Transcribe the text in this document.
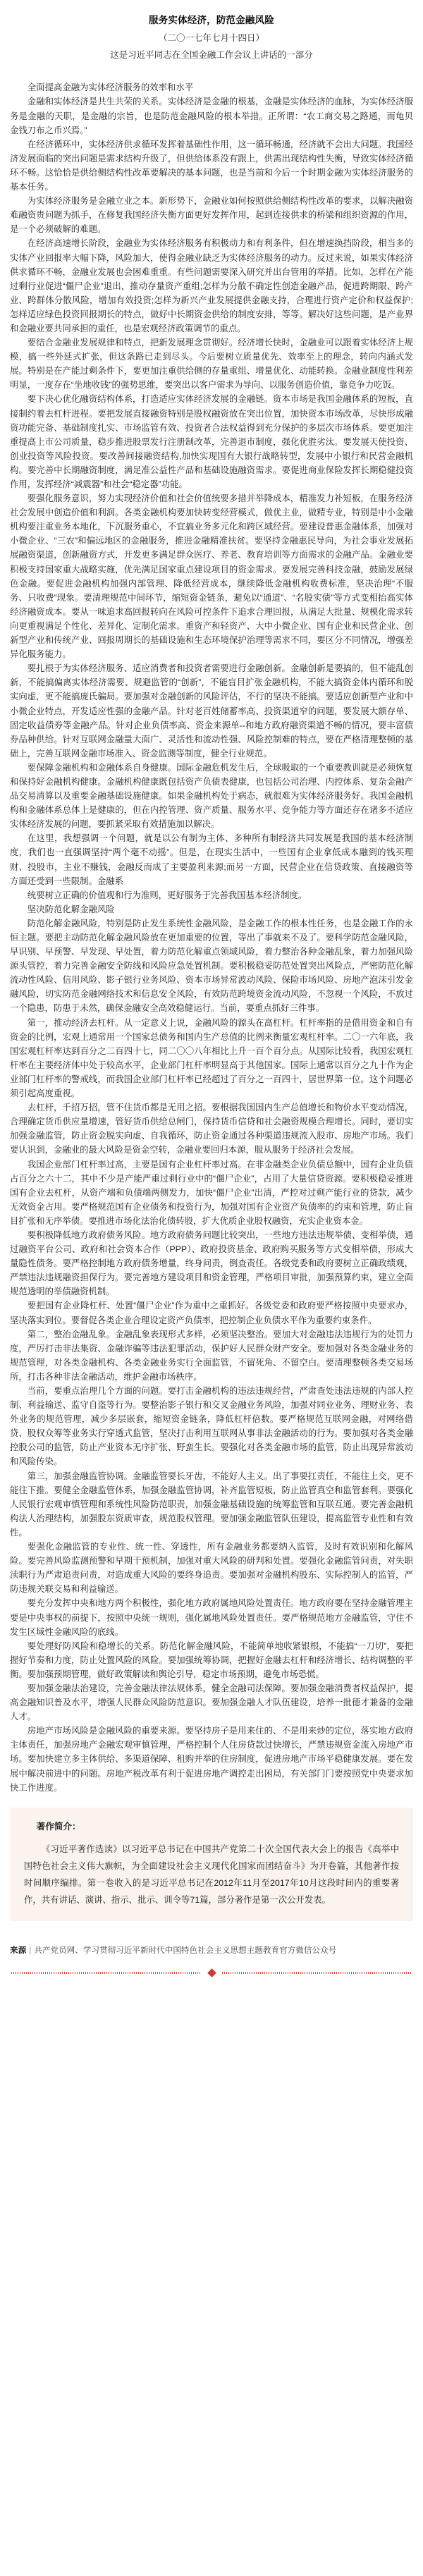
服务实体经济，防范金融风险
（二〇一七年七月十四日）
这是习近平同志在全国金融工作会议上讲话的一部分

全面提高金融为实体经济服务的效率和水平

金融和实体经济是共生共荣的关系。实体经济是金融的根基，金融是实体经济的血脉，为实体经济服务是金融的天职，是金融的宗旨，也是防范金融风险的根本举措。正所谓：“农工商交易之路通，而龟贝金钱刀布之币兴焉。”

在经济循环中，实体经济供求循环发挥着基础性作用，这一循环畅通，经济就不会出大问题。我国经济发展面临的突出问题是需求结构升级了，但供给体系没有跟上，供需出现结构性失衡，导致实体经济循环不畅。这恰恰是供给侧结构性改革要解决的基本问题，也是当前和今后一个时期金融为实体经济服务的基本任务。

为实体经济服务是金融立业之本。新形势下，金融业如何按照供给侧结构性改革的要求，以解决融资难融资贵问题为抓手，在修复我国经济失衡方面更好发挥作用，起到连接供求的桥梁和组织资源的作用，是一个必须破解的难题。

在经济高速增长阶段，金融业为实体经济服务有积极动力和有利条件，但在增速换挡阶段，相当多的实体产业回报率大幅下降，风险加大，使得金融业缺乏为实体经济服务的动力。反过来说，如果实体经济供求循环不畅，金融业发展也会困难重重。有些问题需要深入研究并出台管用的举措。比如，怎样在产能过剩行业促进“僵尸企业”退出，推动存量资产重组;怎样为分散不确定性创造金融产品，促进跨期限、跨产业、跨群体分散风险，增加有效投资;怎样为新兴产业发展提供金融支持，合理进行资产定价和权益保护;怎样适应绿色投资回报期长的特点，做好中长期资金供给的制度安排，等等。解决好这些问题，是产业界和金融业要共同承担的重任，也是宏观经济政策调节的重点。

要结合金融业发展规律和特点，把新发展理念贯彻好。经济增长快时，金融业可以跟着实体经济上规模，搞一些外延式扩张，但这条路已走到尽头。今后要树立质量优先、效率至上的理念，转向内涵式发展。特别是在产能过剩条件下，要更加注重供给侧的存量重组、增量优化、动能转换。金融业制度性利差明显，一度存在“坐地收钱”的强势思维，要突出以客户需求为导向、以服务创造价值，靠竞争力吃饭。

要下决心优化融资结构体系，打造适应实体经济发展的金融链。资本市场是我国金融体系的短板，直接制约着去杠杆进程。要把发展直接融资特别是股权融资放在突出位置，加快资本市场改革，尽快形成融资功能完备、基础制度扎实、市场监管有效、投资者合法权益得到充分保护的多层次市场体系。要更加注重提高上市公司质量，稳步推进股票发行注册制改革，完善退市制度，强化优胜劣汰。要发展天使投资、创业投资等风险投资。要改善间接融资结构,加快实现国有大银行战略转型，发展中小银行和民营金融机构。要完善中长期融资制度，满足准公益性产品和基础设施融资需求。要促进商业保险发挥长期稳健投资作用，发挥经济“减震器”和社会“稳定器”功能。

要强化服务意识，努力实现经济价值和社会价值统要多措并举降成本，精准发力补短板，在服务经济社会发展中创造价值和利润。各类金融机构要加快转变经营模式，做优主业，做精专业，特别是中小金融机构要注重业务本地化，下沉服务重心，不宜搞业务多元化和跨区域经营。要建设普惠金融体系，加强对小微企业、“三农”和偏远地区的金融服务，推进金融精准扶贫。要坚持金融惠民导向，为社会事业发展拓展融资渠道，创新融资方式，开发更多满足群众医疗、养老、教育培训等方面需求的金融产品。金融业要积极支持国家重大战略实施，优先满足国家重点建设项目的资金需求。要发展完善科技金融，鼓励发展绿色金融。要促进金融机构加强内部管理、降低经营成本，继续降低金融机构收费标准，坚决治理“不服务、只收费”现象。要清理规范中间环节，缩短资金链条，避免以“通道”、“名股实债”等方式变相抬高实体经济融资成本。要从一味追求高回报转向在风险可控条件下追求合理回报，从满足大批量、规模化需求转向更重视满足个性化、差异化、定制化需求。重资产和轻资产、大中小微企业、国有企业和民营企业、创新型产业和传统产业、回报周期长的基础设施和生态环境保护治理等需求不同，要区分不同情况，增强差异化服务能力。

要扎根于为实体经济服务、适应消费者和投资者需要进行金融创新。金融创新是要搞的，但不能乱创新，不能搞偏离实体经济需要、规避监管的“创新”，不能盲目扩张金融机构，不能大搞资金体内循环和脱实向虚，更不能搞庞氏骗局。要加强对金融创新的风险评估，不行的坚决不能搞。要适应创新型产业和中小微企业特点，开发适应性强的金融产品。针对老百姓储蓄率高、投资渠道窄的问题，要发展大额存单、固定收益债券等金融产品。针对企业负债率高、资金来源单--和地方政府融资渠道不畅的情况，要丰富债券品种供给。针对互联网金融量大面广、灵活性和流动性强、风险控制难的特点，要在严格清理整顿的基础上，完善互联网金融市场准入、资金监测等制度，健全行业规范。

要保障金融机构和金融体系自身健康。国际金融危机发生后，全球吸取的一个重要教训就是必须恢复和保持好金融机构健康。金融机构健康既包括资产负债表健康，也包括公司治理、内控体系、复杂金融产品交易清算以及重要金融基础设施健康。如果金融机构处于病态，就很难为实体经济服务好。我国金融机构和金融体系总体上是健康的，但在内控管理、资产质量、服务水平、竞争能力等方面还存在诸多不适应实体经济发展的问题，要抓紧采取有效措施加以解决。

在这里，我想强调一个问题，就是以公有制为主体、多种所有制经济共同发展是我国的基本经济制度，我们也一直强调坚持“两个毫不动摇”。但是，在现实生活中，一些国有企业拿低成本融到的钱买理财、投股市，主业不赚钱，金融反而成了主要盈利来源;而另一方面，民营企业在信贷政策、直接融资等方面还受到一些限制。金融系

统要树立正确的价值观和行为准则，更好服务于完善我国基本经济制度。

坚决防范化解金融风险

防范化解金融风险，特别是防止发生系统性金融风险，是金融工作的根本性任务，也是金融工作的永恒主题。要把主动防范化解金融风险放在更加重要的位置，等出了事就来不及了。要科学防范金融风险，早识别、早预警、早发现、早处置，着力防范化解重点领域风险，着力整治各种金融乱象，着力加强风险源头管控，着力完善金融安全防线和风险应急处置机制。要积极稳妥防范处置突出风险点，严密防范化解流动性风险、信用风险、影子银行业务风险、资本市场异常波动风险、保险市场风险、房地产泡沫引发金融风险，切实防范金融网络技术和信息安全风险，有效防范跨境资金流动风险，不忽视一个风险，不放过一个隐患，防患于未然，确保金融安全高效稳健运行。当前，要重点抓好三件事。

第一，推动经济去杠杆。从一定意义上说，金融风险的源头在高杠杆。杠杆率指的是借用资金和自有资金的比例，宏观上通常用一个国家总债务和国内生产总值的比例来衡量宏观杠杆率。二〇一六年底，我国宏观杠杆率达到百分之二百四十七，同二〇〇八年相比上升一百个百分点。从国际比较看，我国宏观杠杆率在主要经济体中处于较高水平，企业部门杠杆率明显高于其他国家。国际上通常以百分之九十作为企业部门杠杆率的警戒线，而我国企业部门杠杆率已经超过了百分之一百四十，居世界第一位。这个问题必须引起高度重视。

去杠杆，千招万招，管不住货币都是无用之招。要根据我国国内生产总值增长和物价水平变动情况，合理确定货币供应量增速，管好货币供给总闸门，保持货币信贷和社会融资规模合理增长。同时，要切实加强金融监管，防止资金脱实向虚、自我循环，防止资金通过各种渠道违规流入股市、房地产市场。我们要认识到，金融业的最大风险是资金空转，金融业要回归本源，服从服务于经济社会发展。

我国企业部门杠杆率过高，主要是国有企业杠杆率过高。在非金融类企业负债总额中，国有企业负债占百分之六十二，其中不少是产能严重过剩行业中的“僵尸企业”，占用了大量信贷资源。要积极稳妥推进国有企业去杠杆，从资产端和负债端两侧发力，加快“僵尸企业”出清，严控对过剩产能行业的贷款，减少无效资金占用。要严格规范国有企业债务和投资行为，加强对国有企业资产负债率的约束和管理，防止盲目扩张和无序举债。要推进市场化法治化债转股，扩大优质企业股权融资，充实企业资本金。

要积极降低地方政府债务风险。地方政府债务问题比较突出，一些地方违法违规举债、变相举债，通过融资平台公司、政府和社会资本合作（PPP）、政府投资基金、政府购买服务等方式变相举债，形成大量隐性债务。要严格控制地方政府债务增量，终身问责，倒查责任。各级党委和政府要树立正确政绩观，严禁违法违规融资担保行为。要完善地方建设项目和资金管理，严格项目审批，加强预算约束，建立全面规范透明的举债融资机制。

要把国有企业降杠杆、处置“僵尸企业”作为重中之重抓好。各级党委和政府要严格按照中央要求办，坚决落实到位。要督促各类企业合理设定资产负债率，把控制企业负债水平作为重要约束条件。

第二，整治金融乱象。金融乱象表现形式多样，必须坚决整治。要加大对金融违法违规行为的处罚力度，严厉打击非法集资、金融诈骗等违法犯罪活动，保护好人民群众财产安全。要加强对各类金融业务的规范管理，对各类金融机构、各类金融业务实行全面监管，不留死角、不留空白。要清理整顿各类交易场所，打击各种非法金融活动，维护金融市场秩序。

当前，要重点治理几个方面的问题。要打击金融机构的违法违规经营，严肃查处违法违规的内部人控制、利益输送、监守自盗等行为。要整治影子银行和交叉金融业务风险，加强对同业业务、理财业务、表外业务的规范管理，减少多层嵌套，缩短资金链条，降低杠杆倍数。要严格规范互联网金融，对网络借贷、股权众筹等业务实行穿透式监管，坚决打击利用互联网从事非法金融活动的行为。要加强对各类金融控股公司的监管，防止产业资本无序扩张、野蛮生长。要强化对各类金融市场的监管，防止出现异常波动和风险传染。

第三，加强金融监管协调。金融监管要长牙齿，不能好人主义。出了事要扛责任，不能往上交，更不能往下推。要健全金融监管体系，加强金融监管协调，补齐监管短板，防止监管真空和监管套利。要强化人民银行宏观审慎管理和系统性风险防范职责，加强金融基础设施的统筹监管和互联互通。要完善金融机构法人治理结构，加强股东资质审查，规范股权管理。要加强金融监管队伍建设，提高监管专业性和有效性。

要强化金融监管的专业性、统一性、穿透性，所有金融业务都要纳入监管，及时有效识别和化解风险。要完善风险监测预警和早期干预机制，加强对重大风险的研判和处置。要强化金融监管问责，对失职渎职行为严肃追责问责，对造成重大风险的要终身追责。要加强对金融机构股东、实际控制人的监管，严防违规关联交易和利益输送。

要充分发挥中央和地方两个积极性，强化地方政府属地风险处置责任。地方政府要在坚持金融管理主要是中央事权的前提下，按照中央统一规则，强化属地风险处置责任。要严格规范地方金融监管，守住不发生区域性金融风险的底线。

要处理好防风险和稳增长的关系。防范化解金融风险，不能简单地收紧银根，不能搞“一刀切”，要把握好节奏和力度，防止处置风险的风险。要加强统筹协调，把握好金融去杠杆和经济增长、结构调整的平衡。要加强预期管理，做好政策解读和舆论引导，稳定市场预期，避免市场恐慌。

要加强金融法治建设，完善金融法律法规体系，健全金融司法保障。要加强金融消费者权益保护，提高金融知识普及水平，增强人民群众风险防范意识。要加强金融人才队伍建设，培养一批德才兼备的金融人才。

房地产市场风险是金融风险的重要来源。要坚持房子是用来住的、不是用来炒的定位，落实地方政府主体责任，加强房地产金融宏观审慎管理，严格控制个人住房贷款过快增长，严禁违规资金流入房地产市场。要加快建立多主体供给、多渠道保障、租购并举的住房制度，促进房地产市场平稳健康发展。要在发展中解决前进中的问题。房地产税改革有利于促进房地产调控走出困局，有关部门门要按照党中央要求加快工作进度。

著作简介：

《习近平著作选读》以习近平总书记在中国共产党第二十次全国代表大会上的报告《高举中国特色社会主义伟大旗帜，为全面建设社会主义现代化国家而团结奋斗》为开卷篇，其他著作按时间顺序编排。第一卷收入的是习近平总书记在2012年11月至2017年10月这段时间内的重要著作，共有讲话、演讲、指示、批示、训令等71篇，部分著作是第一次公开发表。

来源 | 共产党员网、学习贯彻习近平新时代中国特色社会主义思想主题教育官方微信公众号
